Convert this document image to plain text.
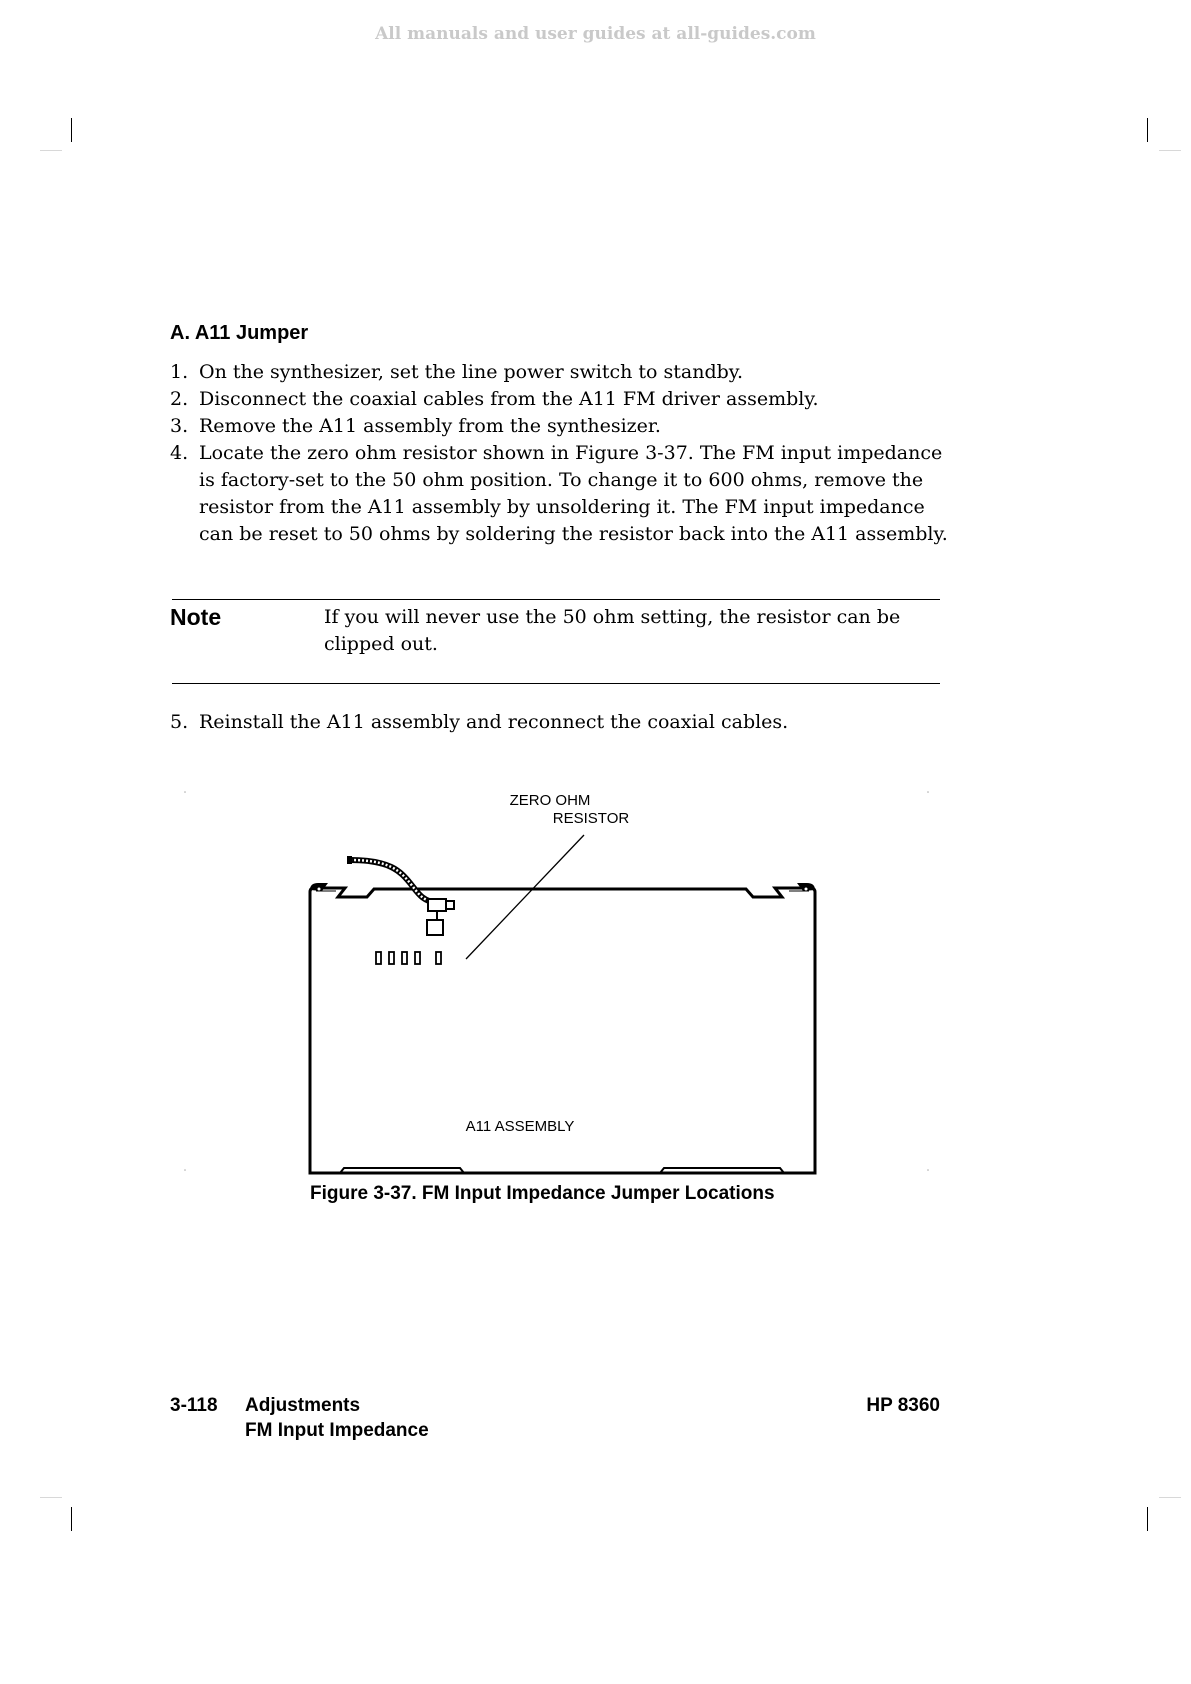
All manuals and user guides at all-guides.com
A. A11 Jumper
1. On the synthesizer, set the line power switch to standby.
2. Disconnect the coaxial cables from the A11 FM driver assembly.
3. Remove the A11 assembly from the synthesizer.
4. Locate the zero ohm resistor shown in Figure 3-37. The FM input impedance is factory-set to the 50 ohm position. To change it to 600 ohms, remove the resistor from the A11 assembly by unsoldering it. The FM input impedance can be reset to 50 ohms by soldering the resistor back into the A11 assembly.
Note	If you will never use the 50 ohm setting, the resistor can be clipped out.
5. Reinstall the A11 assembly and reconnect the coaxial cables.
ZERO OHM
RESISTOR
A11 ASSEMBLY
Figure 3-37. FM Input Impedance Jumper Locations
3-118 Adjustments
FM Input Impedance
HP 8360
